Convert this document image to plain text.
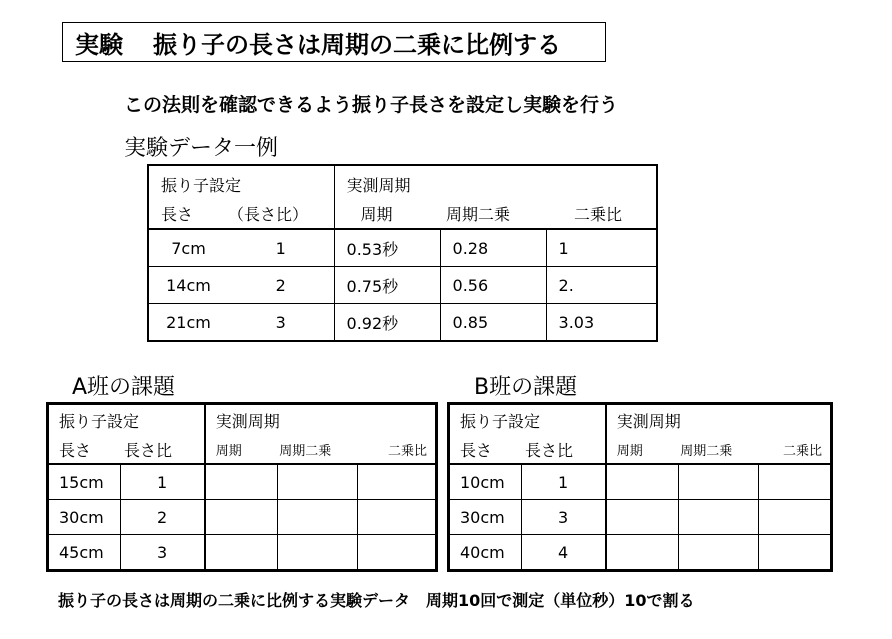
実験 振り子の長さは周期の二乗に比例する
この法則を確認できるよう振り子長さを設定し実験を行う
実験データ一例
振り子設定		実測周期		
長さ	（長さ比）	周期	周期二乗	二乗比
7cm	1	0.53秒	0.28	1
14cm	2	0.75秒	0.56	2.
21cm	3	0.92秒	0.85	3.03
A班の課題	B班の課題
振り子設定		実測周期		
長さ	長さ比	周期	周期二乗	二乗比
15cm	1			
30cm	2			
45cm	3			
振り子設定		実測周期		
長さ	長さ比	周期	周期二乗	二乗比
10cm	1			
30cm	3			
40cm	4			
振り子の長さは周期の二乗に比例する実験データ　周期10回で測定（単位秒）10で割る
